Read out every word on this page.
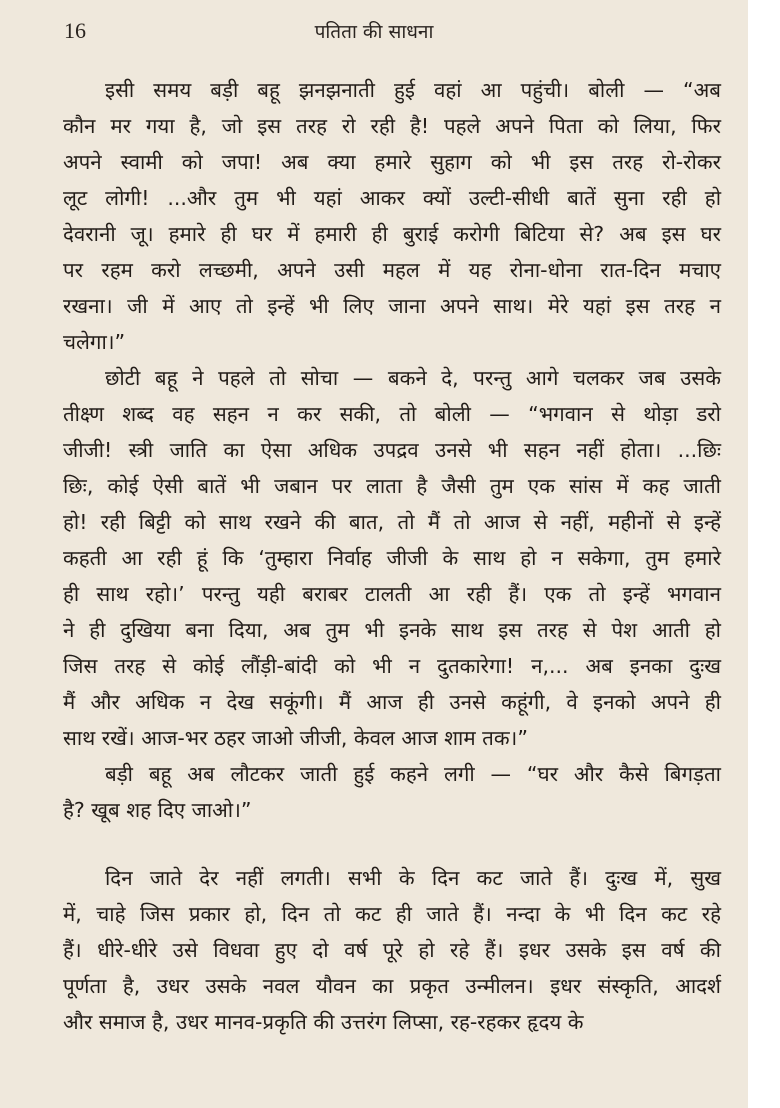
16	पतिता की साधना
इसी समय बड़ी बहू झनझनाती हुई वहां आ पहुंची। बोली — “अब
कौन मर गया है, जो इस तरह रो रही है! पहले अपने पिता को लिया, फिर
अपने स्वामी को जपा! अब क्या हमारे सुहाग को भी इस तरह रो-रोकर
लूट लोगी! ...और तुम भी यहां आकर क्यों उल्टी-सीधी बातें सुना रही हो
देवरानी जू। हमारे ही घर में हमारी ही बुराई करोगी बिटिया से? अब इस घर
पर रहम करो लच्छमी, अपने उसी महल में यह रोना-धोना रात-दिन मचाए
रखना। जी में आए तो इन्हें भी लिए जाना अपने साथ। मेरे यहां इस तरह न
चलेगा।”
छोटी बहू ने पहले तो सोचा — बकने दे, परन्तु आगे चलकर जब उसके
तीक्ष्ण शब्द वह सहन न कर सकी, तो बोली — “भगवान से थोड़ा डरो
जीजी! स्त्री जाति का ऐसा अधिक उपद्रव उनसे भी सहन नहीं होता। ...छिः
छिः, कोई ऐसी बातें भी जबान पर लाता है जैसी तुम एक सांस में कह जाती
हो! रही बिट्टी को साथ रखने की बात, तो मैं तो आज से नहीं, महीनों से इन्हें
कहती आ रही हूं कि ‘तुम्हारा निर्वाह जीजी के साथ हो न सकेगा, तुम हमारे
ही साथ रहो।’ परन्तु यही बराबर टालती आ रही हैं। एक तो इन्हें भगवान
ने ही दुखिया बना दिया, अब तुम भी इनके साथ इस तरह से पेश आती हो
जिस तरह से कोई लौंड़ी-बांदी को भी न दुतकारेगा! न,... अब इनका दुःख
मैं और अधिक न देख सकूंगी। मैं आज ही उनसे कहूंगी, वे इनको अपने ही
साथ रखें। आज-भर ठहर जाओ जीजी, केवल आज शाम तक।”
बड़ी बहू अब लौटकर जाती हुई कहने लगी — “घर और कैसे बिगड़ता
है? खूब शह दिए जाओ।”
दिन जाते देर नहीं लगती। सभी के दिन कट जाते हैं। दुःख में, सुख
में, चाहे जिस प्रकार हो, दिन तो कट ही जाते हैं। नन्दा के भी दिन कट रहे
हैं। धीरे-धीरे उसे विधवा हुए दो वर्ष पूरे हो रहे हैं। इधर उसके इस वर्ष की
पूर्णता है, उधर उसके नवल यौवन का प्रकृत उन्मीलन। इधर संस्कृति, आदर्श
और समाज है, उधर मानव-प्रकृति की उत्तरंग लिप्सा, रह-रहकर हृदय के
